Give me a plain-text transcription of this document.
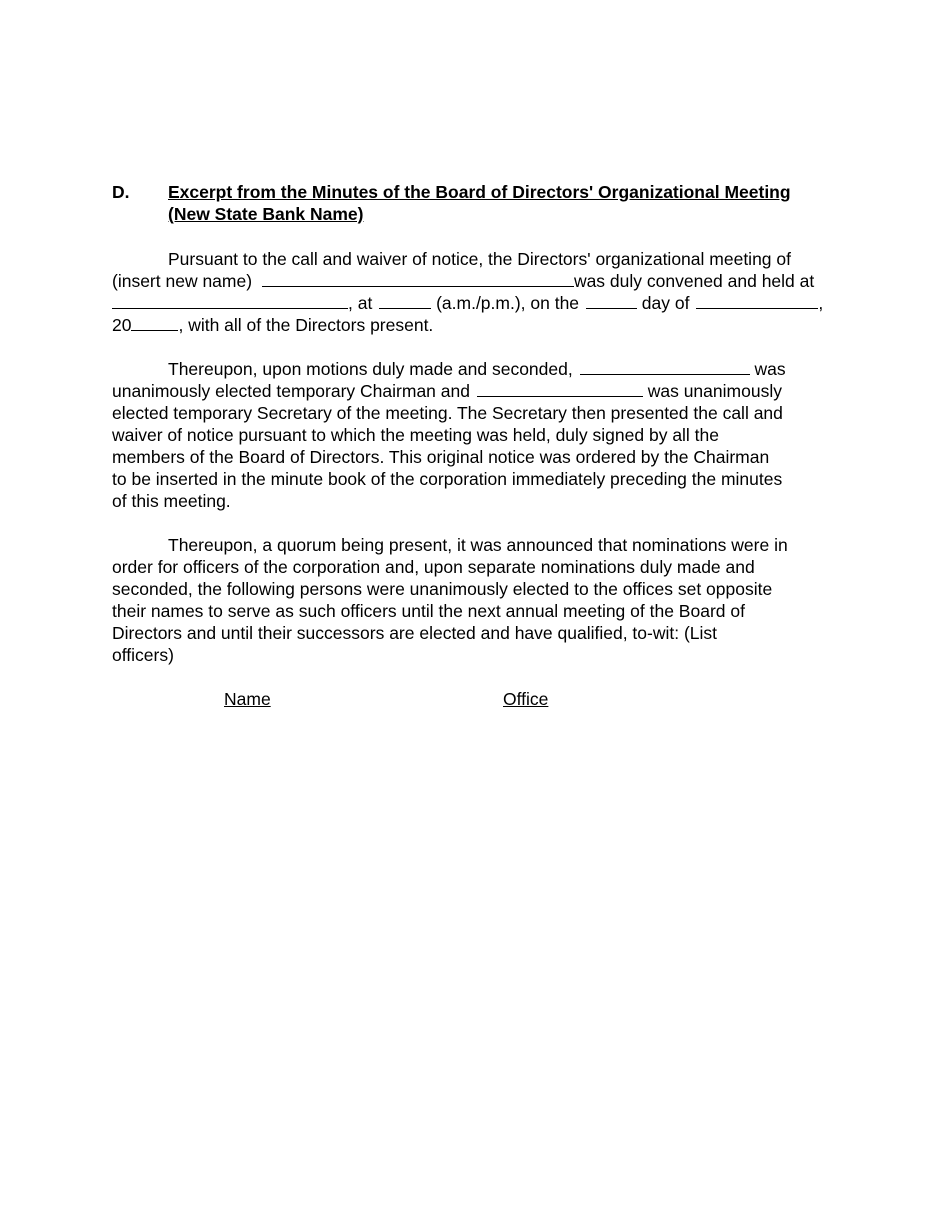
D. Excerpt from the Minutes of the Board of Directors' Organizational Meeting
(New State Bank Name)
Pursuant to the call and waiver of notice, the Directors' organizational meeting of
(insert new name)	was duly convened and held at
, at	(a.m./p.m.), on the	day of	,
20	, with all of the Directors present.
Thereupon, upon motions duly made and seconded,	was
unanimously elected temporary Chairman and	was unanimously
elected temporary Secretary of the meeting. The Secretary then presented the call and
waiver of notice pursuant to which the meeting was held, duly signed by all the
members of the Board of Directors. This original notice was ordered by the Chairman
to be inserted in the minute book of the corporation immediately preceding the minutes
of this meeting.
Thereupon, a quorum being present, it was announced that nominations were in
order for officers of the corporation and, upon separate nominations duly made and
seconded, the following persons were unanimously elected to the offices set opposite
their names to serve as such officers until the next annual meeting of the Board of
Directors and until their successors are elected and have qualified, to-wit: (List
officers)
Name	Office
